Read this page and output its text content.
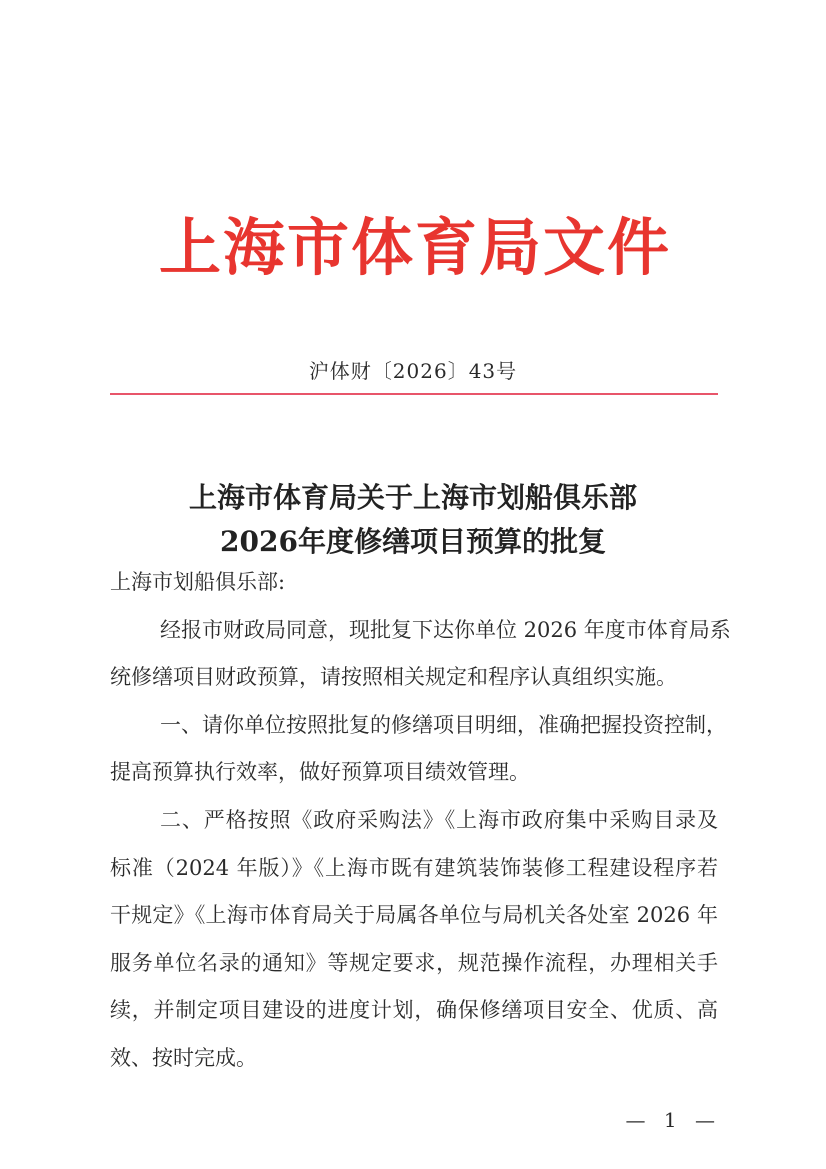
上海市体育局文件
沪体财〔2026〕43号
上海市体育局关于上海市划船俱乐部
2026年度修缮项目预算的批复
上海市划船俱乐部:
经报市财政局同意，现批复下达你单位 2026 年度市体育局系
统修缮项目财政预算，请按照相关规定和程序认真组织实施。
一、请你单位按照批复的修缮项目明细，准确把握投资控制，
提高预算执行效率，做好预算项目绩效管理。
二、严格按照《政府采购法》《上海市政府集中采购目录及
标准（2024 年版）》《上海市既有建筑装饰装修工程建设程序若
干规定》《上海市体育局关于局属各单位与局机关各处室 2026 年
服务单位名录的通知》等规定要求，规范操作流程，办理相关手
续，并制定项目建设的进度计划，确保修缮项目安全、优质、高
效、按时完成。
— 1 —
